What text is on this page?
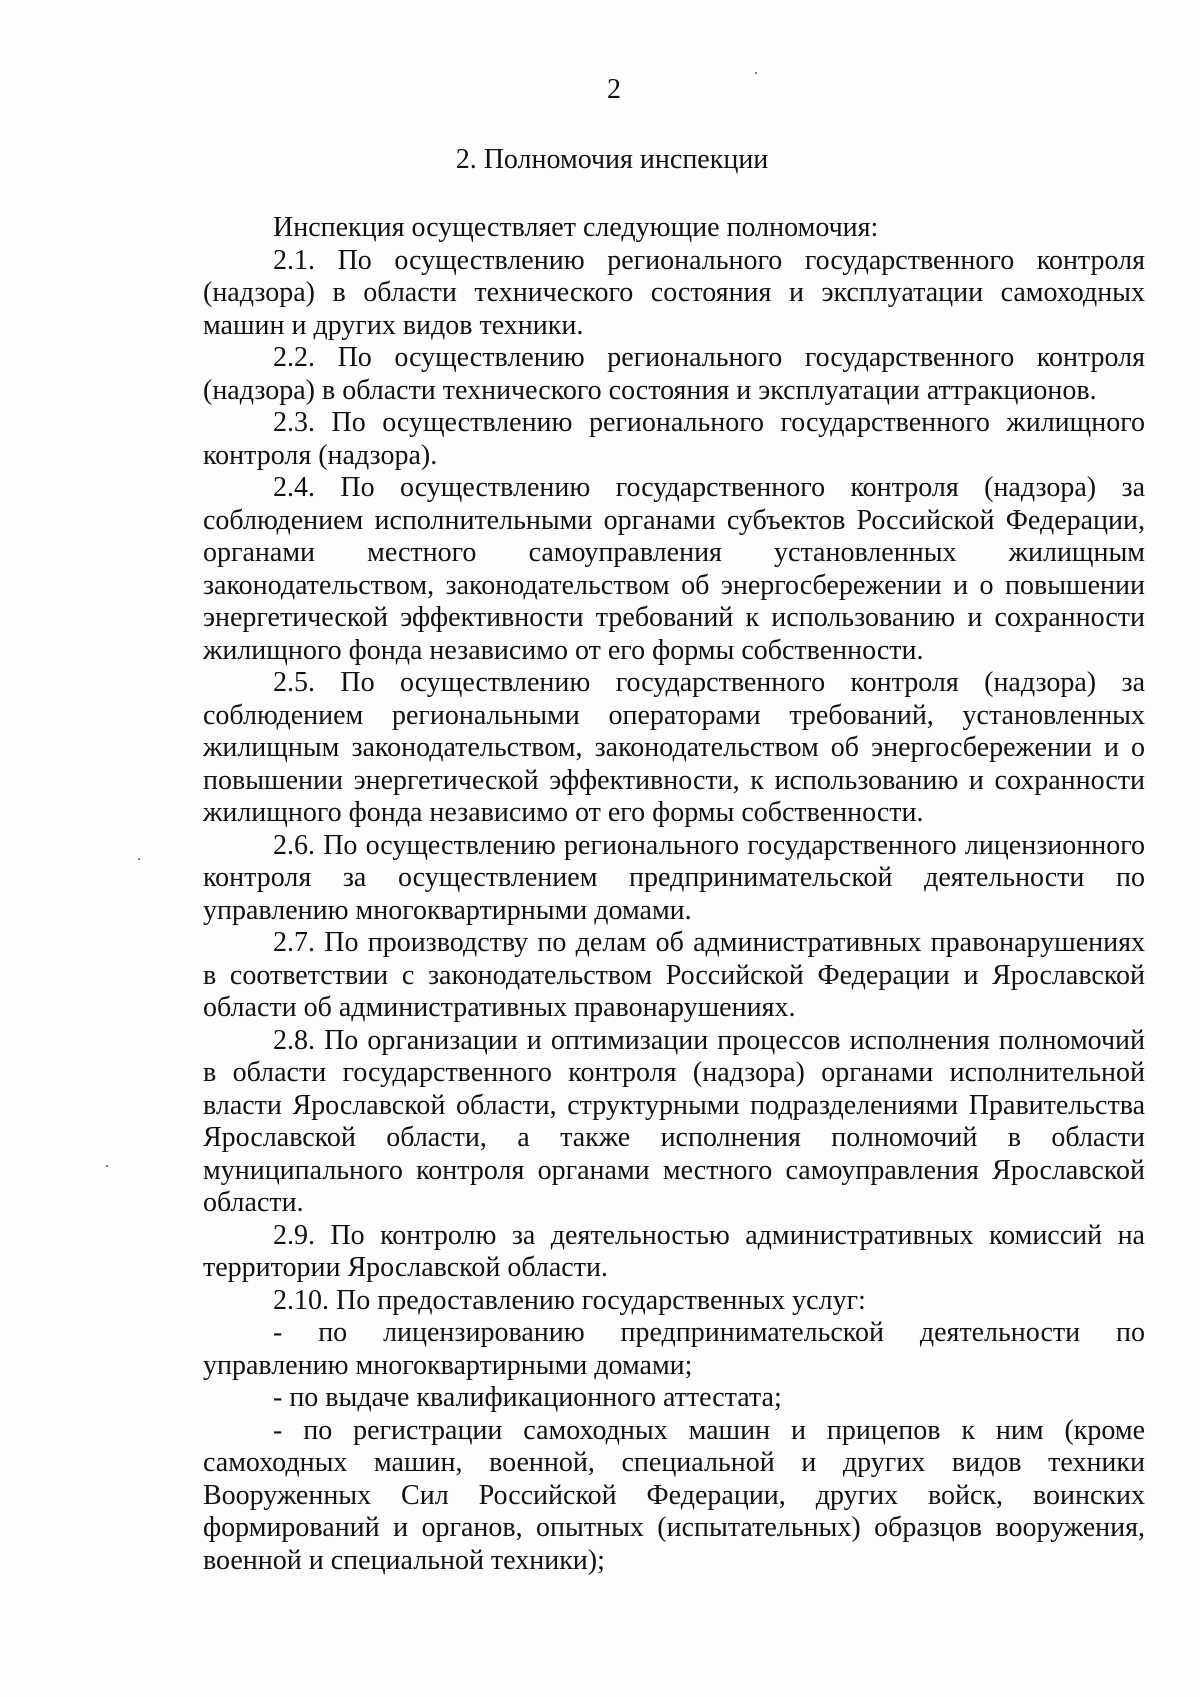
2
2. Полномочия инспекции

Инспекция осуществляет следующие полномочия:

2.1. По осуществлению регионального государственного контроля (надзора) в области технического состояния и эксплуатации самоходных машин и других видов техники.

2.2. По осуществлению регионального государственного контроля (надзора) в области технического состояния и эксплуатации аттракционов.

2.3. По осуществлению регионального государственного жилищного контроля (надзора).

2.4. По осуществлению государственного контроля (надзора) за соблюдением исполнительными органами субъектов Российской Федерации, органами местного самоуправления установленных жилищным законодательством, законодательством об энергосбережении и о повышении энергетической эффективности требований к использованию и сохранности жилищного фонда независимо от его формы собственности.

2.5. По осуществлению государственного контроля (надзора) за соблюдением региональными операторами требований, установленных жилищным законодательством, законодательством об энергосбережении и о повышении энергетической эффективности, к использованию и сохранности жилищного фонда независимо от его формы собственности.

2.6. По осуществлению регионального государственного лицензионного контроля за осуществлением предпринимательской деятельности по управлению многоквартирными домами.

2.7. По производству по делам об административных правонарушениях в соответствии с законодательством Российской Федерации и Ярославской области об административных правонарушениях.

2.8. По организации и оптимизации процессов исполнения полномочий в области государственного контроля (надзора) органами исполнительной власти Ярославской области, структурными подразделениями Правительства Ярославской области, а также исполнения полномочий в области муниципального контроля органами местного самоуправления Ярославской области.

2.9. По контролю за деятельностью административных комиссий на территории Ярославской области.

2.10. По предоставлению государственных услуг:

- по лицензированию предпринимательской деятельности по управлению многоквартирными домами;

- по выдаче квалификационного аттестата;

- по регистрации самоходных машин и прицепов к ним (кроме самоходных машин, военной, специальной и других видов техники Вооруженных Сил Российской Федерации, других войск, воинских формирований и органов, опытных (испытательных) образцов вооружения, военной и специальной техники);
